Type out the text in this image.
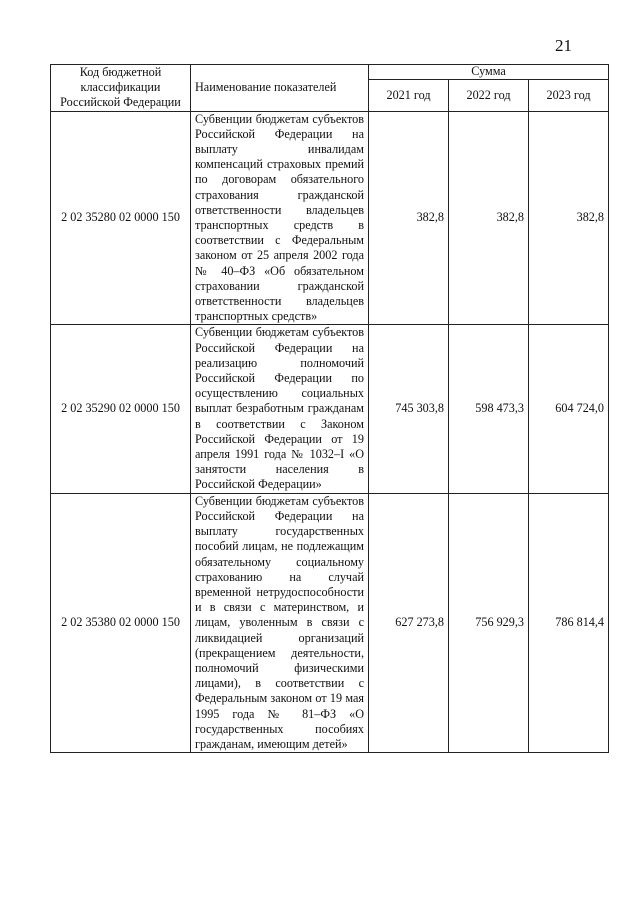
21
Код бюджетной классификации Российской Федерации	Наименование показателей	Сумма		
		2021 год	2022 год	2023 год
2 02 35280 02 0000 150	Субвенции бюджетам субъектов Российской Федерации на выплату инвалидам компенсаций страховых премий по договорам обязательного страхования гражданской ответственности владельцев транспортных средств в соответствии с Федеральным законом от 25 апреля 2002 года № 40–ФЗ «Об обязательном страховании гражданской ответственности владельцев транспортных средств»	382,8	382,8	382,8
2 02 35290 02 0000 150	Субвенции бюджетам субъектов Российской Федерации на реализацию полномочий Российской Федерации по осуществлению социальных выплат безработным гражданам в соответствии с Законом Российской Федерации от 19 апреля 1991 года № 1032–I «О занятости населения в Российской Федерации»	745 303,8	598 473,3	604 724,0
2 02 35380 02 0000 150	Субвенции бюджетам субъектов Российской Федерации на выплату государственных пособий лицам, не подлежащим обязательному социальному страхованию на случай временной нетрудоспособности и в связи с материнством, и лицам, уволенным в связи с ликвидацией организаций (прекращением деятельности, полномочий физическими лицами), в соответствии с Федеральным законом от 19 мая 1995 года № 81–ФЗ «О государственных пособиях гражданам, имеющим детей»	627 273,8	756 929,3	786 814,4
